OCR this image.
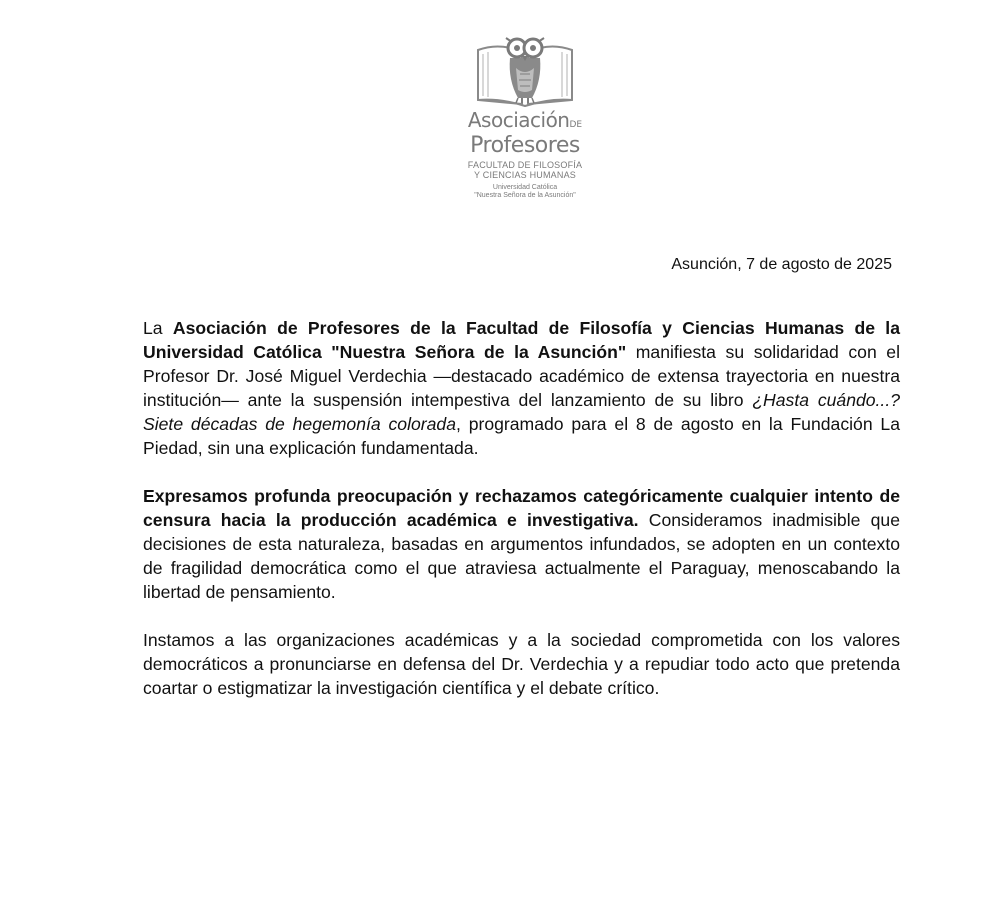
AsociaciónDE
Profesores
FACULTAD DE FILOSOFÍA
Y CIENCIAS HUMANAS
Universidad Católica
"Nuestra Señora de la Asunción"
Asunción, 7 de agosto de 2025

La Asociación de Profesores de la Facultad de Filosofía y Ciencias Humanas de la Universidad Católica "Nuestra Señora de la Asunción" manifiesta su solidaridad con el Profesor Dr. José Miguel Verdechia —destacado académico de extensa trayectoria en nuestra institución— ante la suspensión intempestiva del lanzamiento de su libro ¿Hasta cuándo...? Siete décadas de hegemonía colorada, programado para el 8 de agosto en la Fundación La Piedad, sin una explicación fundamentada.

Expresamos profunda preocupación y rechazamos categóricamente cualquier intento de censura hacia la producción académica e investigativa. Consideramos inadmisible que decisiones de esta naturaleza, basadas en argumentos infundados, se adopten en un contexto de fragilidad democrática como el que atraviesa actualmente el Paraguay, menoscabando la libertad de pensamiento.

Instamos a las organizaciones académicas y a la sociedad comprometida con los valores democráticos a pronunciarse en defensa del Dr. Verdechia y a repudiar todo acto que pretenda coartar o estigmatizar la investigación científica y el debate crítico.
